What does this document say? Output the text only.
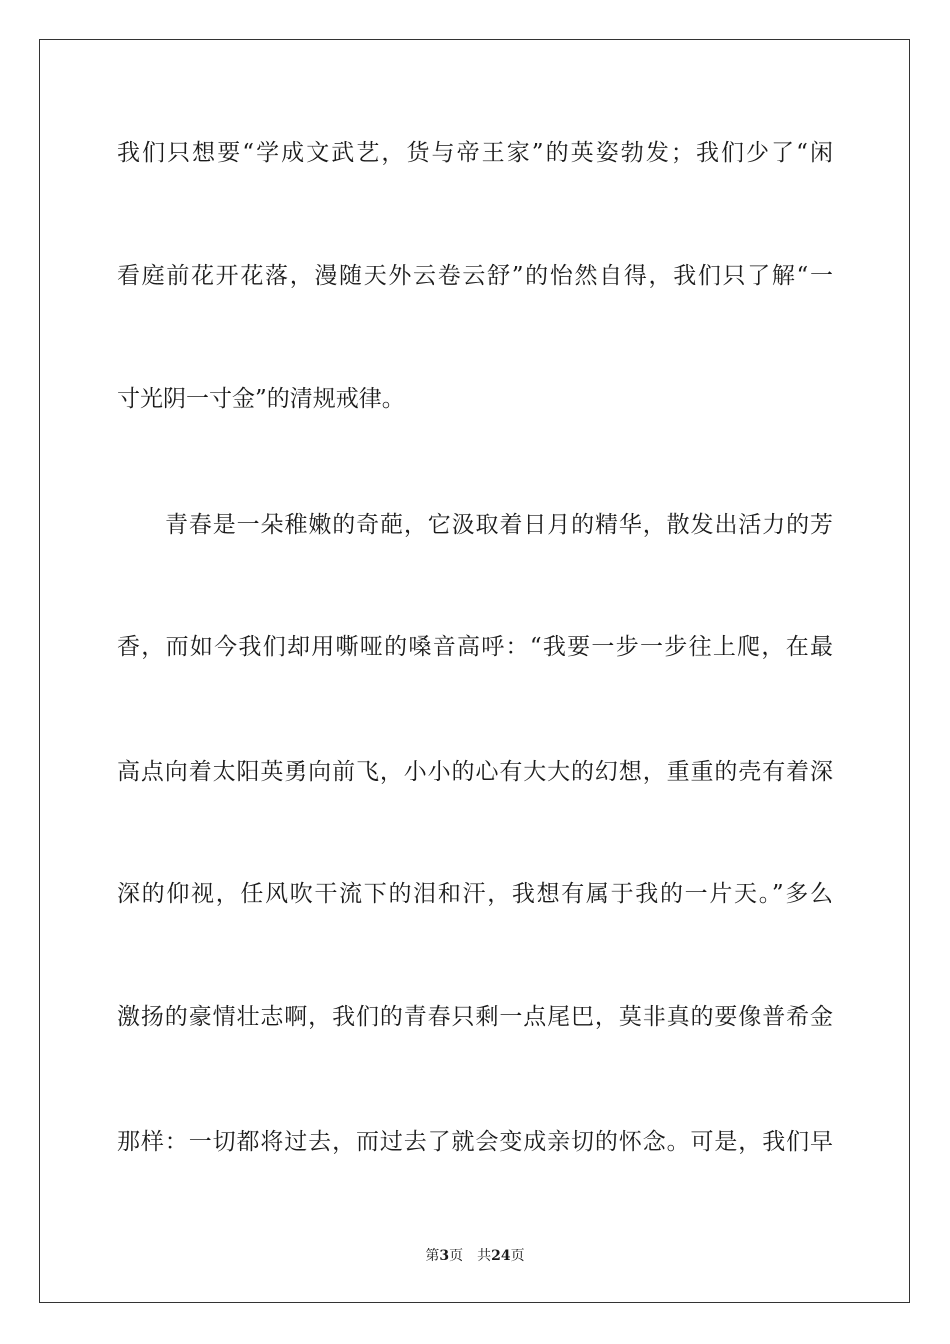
我们只想要“学成文武艺，货与帝王家”的英姿勃发；我们少了“闲
看庭前花开花落，漫随天外云卷云舒”的怡然自得，我们只了解“一
寸光阴一寸金”的清规戒律。
青春是一朵稚嫩的奇葩，它汲取着日月的精华，散发出活力的芳
香，而如今我们却用嘶哑的嗓音高呼：“我要一步一步往上爬，在最
高点向着太阳英勇向前飞，小小的心有大大的幻想，重重的壳有着深
深的仰视，任风吹干流下的泪和汗，我想有属于我的一片天。”多么
激扬的豪情壮志啊，我们的青春只剩一点尾巴，莫非真的要像普希金
那样：一切都将过去，而过去了就会变成亲切的怀念。可是，我们早
第3页 共24页
